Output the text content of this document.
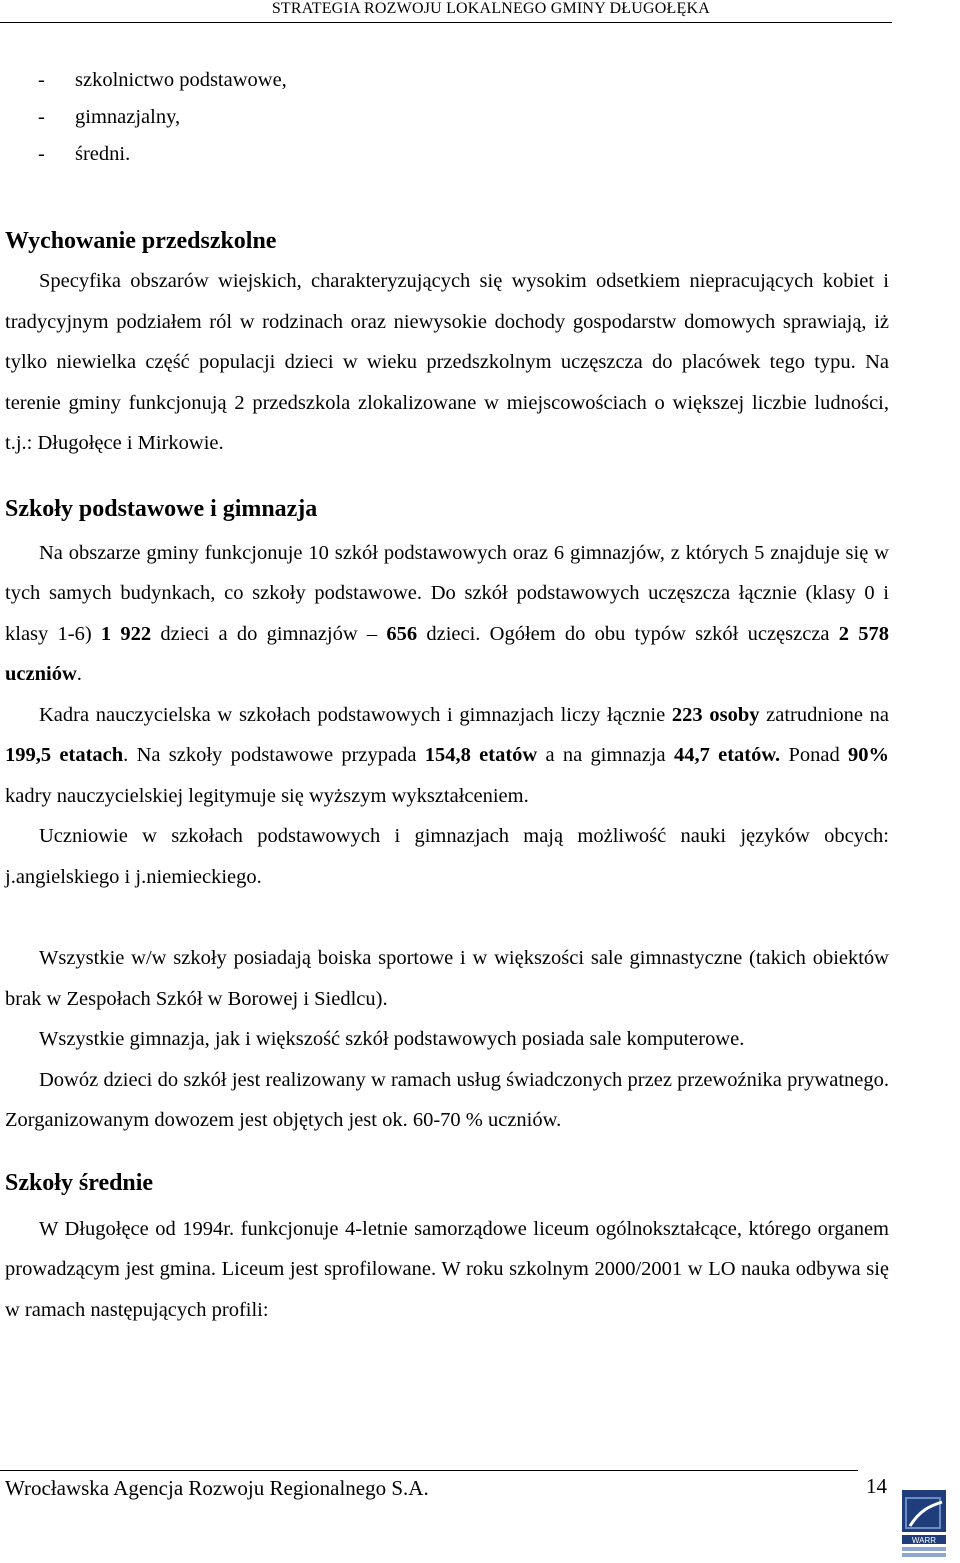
STRATEGIA ROZWOJU LOKALNEGO GMINY DŁUGOŁĘKA
- szkolnictwo podstawowe,
- gimnazjalny,
- średni.
Wychowanie przedszkolne

Specyfika obszarów wiejskich, charakteryzujących się wysokim odsetkiem niepracujących kobiet i tradycyjnym podziałem ról w rodzinach oraz niewysokie dochody gospodarstw domowych sprawiają, iż tylko niewielka część populacji dzieci w wieku przedszkolnym uczęszcza do placówek tego typu. Na terenie gminy funkcjonują 2 przedszkola zlokalizowane w miejscowościach o większej liczbie ludności, t.j.: Długołęce i Mirkowie.

Szkoły podstawowe i gimnazja

Na obszarze gminy funkcjonuje 10 szkół podstawowych oraz 6 gimnazjów, z których 5 znajduje się w tych samych budynkach, co szkoły podstawowe. Do szkół podstawowych uczęszcza łącznie (klasy 0 i klasy 1-6) 1 922 dzieci a do gimnazjów – 656 dzieci. Ogółem do obu typów szkół uczęszcza 2 578 uczniów.

Kadra nauczycielska w szkołach podstawowych i gimnazjach liczy łącznie 223 osoby zatrudnione na 199,5 etatach. Na szkoły podstawowe przypada 154,8 etatów a na gimnazja 44,7 etatów. Ponad 90% kadry nauczycielskiej legitymuje się wyższym wykształceniem.

Uczniowie w szkołach podstawowych i gimnazjach mają możliwość nauki języków obcych: j.angielskiego i j.niemieckiego.

Wszystkie w/w szkoły posiadają boiska sportowe i w większości sale gimnastyczne (takich obiektów brak w Zespołach Szkół w Borowej i Siedlcu).

Wszystkie gimnazja, jak i większość szkół podstawowych posiada sale komputerowe.

Dowóz dzieci do szkół jest realizowany w ramach usług świadczonych przez przewoźnika prywatnego. Zorganizowanym dowozem jest objętych jest ok. 60-70 % uczniów.

Szkoły średnie

W Długołęce od 1994r. funkcjonuje 4-letnie samorządowe liceum ogólnokształcące, którego organem prowadzącym jest gmina. Liceum jest sprofilowane. W roku szkolnym 2000/2001 w LO nauka odbywa się w ramach następujących profili:

Wrocławska Agencja Rozwoju Regionalnego S.A.	14
WARR
